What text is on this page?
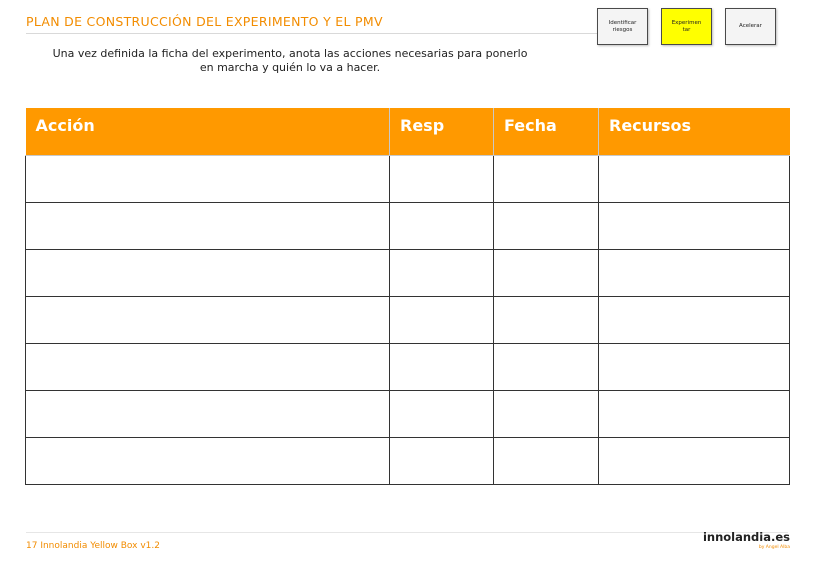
PLAN DE CONSTRUCCIÓN DEL EXPERIMENTO Y EL PMV
Una vez definida la ficha del experimento, anota las acciones necesarias para ponerlo
en marcha y quién lo va a hacer.
Identificar
riesgos
Experimen
tar
Acelerar
Acción	Resp	Fecha	Recursos

17 Innolandia Yellow Box v1.2
innolandia.es
by Angel Alba
